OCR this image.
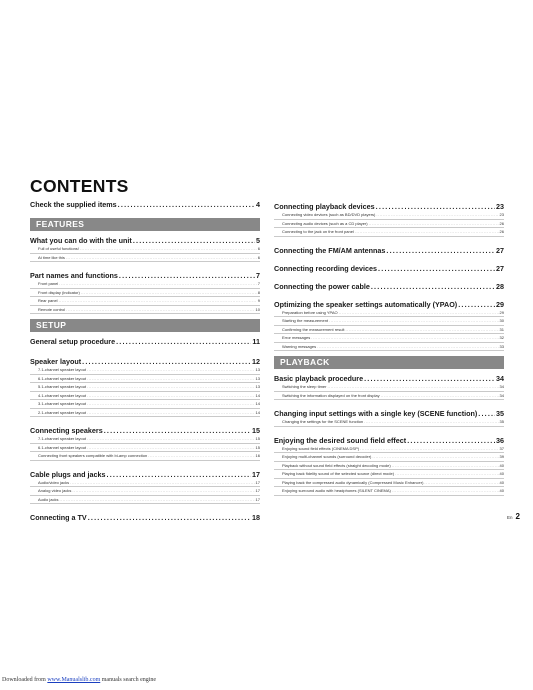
CONTENTS
Check the supplied items .....	4
FEATURES
What you can do with the unit .....	5
Full of useful functions! .....	6
At time like this .....	6
Part names and functions .....	7
Front panel .....	7
Front display (indicator) .....	8
Rear panel .....	9
Remote control .....	10
SETUP
General setup procedure .....	11
Speaker layout .....	12
7.1-channel speaker layout .....	13
6.1-channel speaker layout .....	13
5.1-channel speaker layout .....	13
4.1-channel speaker layout .....	14
3.1-channel speaker layout .....	14
2.1-channel speaker layout .....	14
Connecting speakers .....	15
7.1-channel speaker layout .....	15
6.1-channel speaker layout .....	15
Connecting front speakers compatible with bi-amp connection .....	16
Cable plugs and jacks .....	17
Audio/video jacks .....	17
Analog video jacks .....	17
Audio jacks .....	17
Connecting a TV .....	18
Connecting playback devices .....	23
Connecting video devices (such as BD/DVD players) .....	23
Connecting audio devices (such as a CD player) .....	26
Connecting to the jack on the front panel .....	26
Connecting the FM/AM antennas .....	27
Connecting recording devices .....	27
Connecting the power cable .....	28
Optimizing the speaker settings automatically (YPAO) .....	29
Preparation before using YPAO .....	29
Starting the measurement .....	30
Confirming the measurement result .....	31
Error messages .....	32
Warning messages .....	33
PLAYBACK
Basic playback procedure .....	34
Switching the sleep timer .....	34
Switching the information displayed on the front display .....	34
Changing input settings with a single key (SCENE function) .....	35
Changing the settings for the SCENE function .....	35
Enjoying the desired sound field effect .....	36
Enjoying sound field effects (CINEMA DSP) .....	37
Enjoying multi-channel sounds (surround decoder) .....	39
Playback without sound field effects (straight decoding mode) .....	40
Playing back fidelity sound of the selected source (direct mode) .....	40
Playing back the compressed audio dynamically (Compressed Music Enhancer) .....	40
Enjoying surround audio with headphones (SILENT CINEMA) .....	40
En 2
Downloaded from www.Manualslib.com manuals search engine
